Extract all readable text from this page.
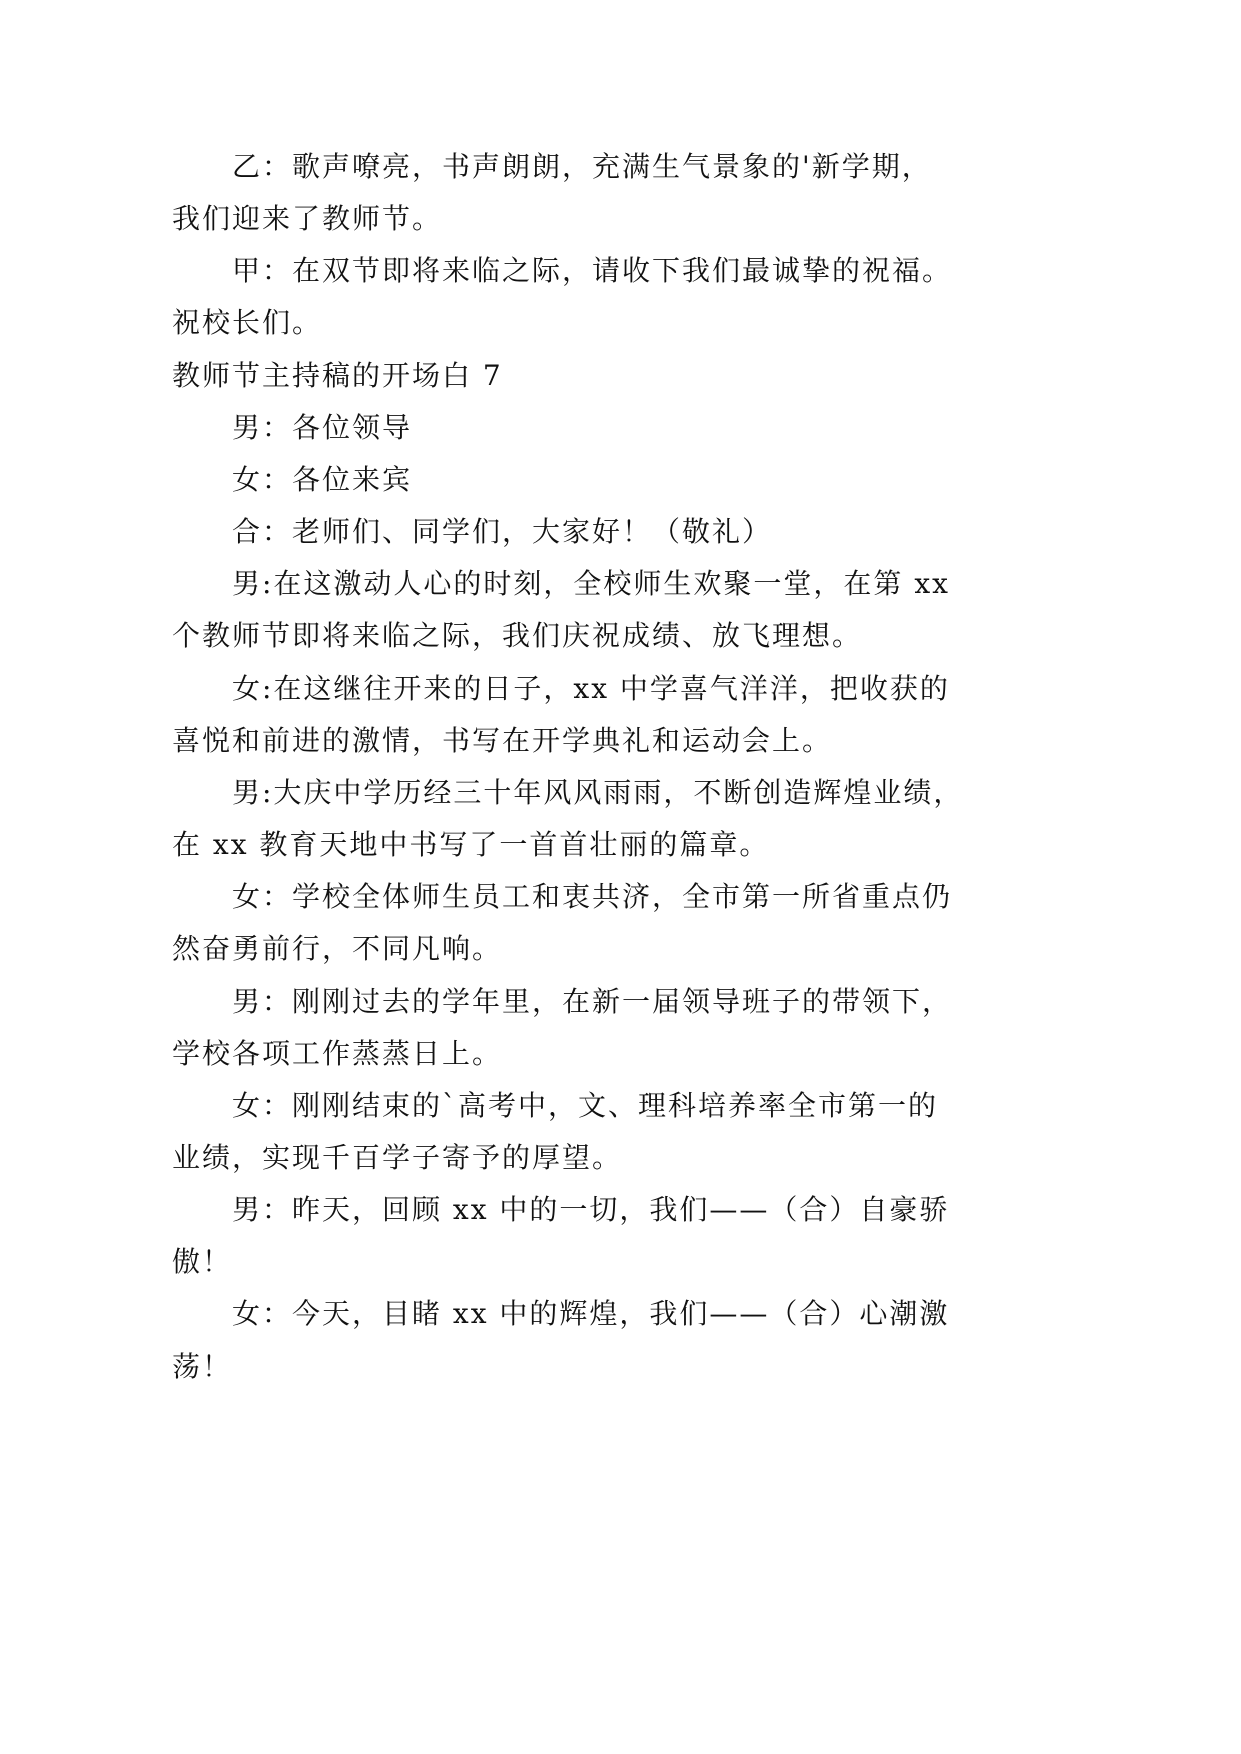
乙：歌声嘹亮，书声朗朗，充满生气景象的'新学期，
我们迎来了教师节。
甲：在双节即将来临之际，请收下我们最诚挚的祝福。
祝校长们。
教师节主持稿的开场白 7
男：各位领导
女：各位来宾
合：老师们、同学们，大家好！（敬礼）
男:在这激动人心的时刻，全校师生欢聚一堂，在第 xx
个教师节即将来临之际，我们庆祝成绩、放飞理想。
女:在这继往开来的日子，xx 中学喜气洋洋，把收获的
喜悦和前进的激情，书写在开学典礼和运动会上。
男:大庆中学历经三十年风风雨雨，不断创造辉煌业绩，
在 xx 教育天地中书写了一首首壮丽的篇章。
女：学校全体师生员工和衷共济，全市第一所省重点仍
然奋勇前行，不同凡响。
男：刚刚过去的学年里，在新一届领导班子的带领下，
学校各项工作蒸蒸日上。
女：刚刚结束的`高考中，文、理科培养率全市第一的
业绩，实现千百学子寄予的厚望。
男：昨天，回顾 xx 中的一切，我们——（合）自豪骄
傲！
女：今天，目睹 xx 中的辉煌，我们——（合）心潮激
荡！
